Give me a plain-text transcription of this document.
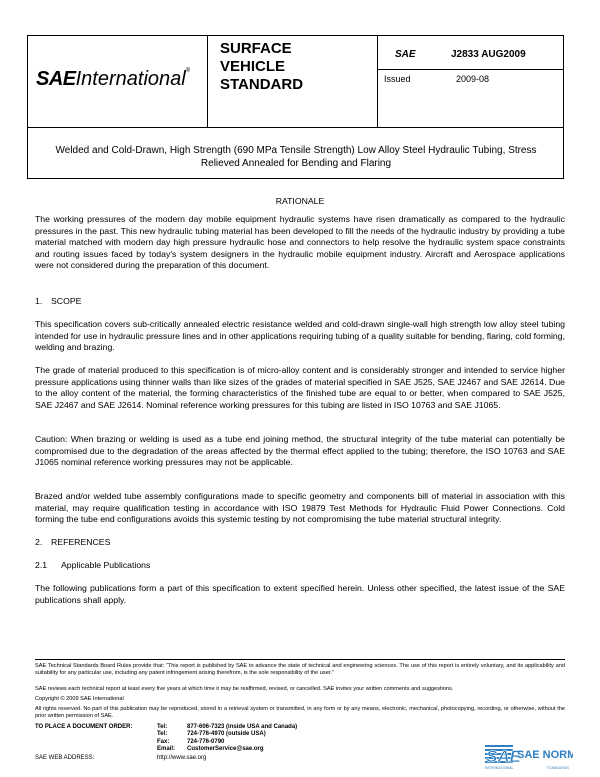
SAEInternational®
SURFACE
VEHICLE
STANDARD
SAE	J2833 AUG2009
Issued	2009-08
Welded and Cold-Drawn, High Strength (690 MPa Tensile Strength) Low Alloy Steel Hydraulic Tubing, Stress Relieved Annealed for Bending and Flaring
RATIONALE
The working pressures of the modern day mobile equipment hydraulic systems have risen dramatically as compared to the hydraulic pressures in the past. This new hydraulic tubing material has been developed to fill the needs of the hydraulic industry by providing a tube material matched with modern day high pressure hydraulic hose and connectors to help resolve the hydraulic system space constraints and routing issues faced by today's system designers in the hydraulic mobile equipment industry. Aircraft and Aerospace applications were not considered during the preparation of this document.
1. SCOPE
This specification covers sub-critically annealed electric resistance welded and cold-drawn single-wall high strength low alloy steel tubing intended for use in hydraulic pressure lines and in other applications requiring tubing of a quality suitable for bending, flaring, cold forming, welding and brazing.
The grade of material produced to this specification is of micro-alloy content and is considerably stronger and intended to service higher pressure applications using thinner walls than like sizes of the grades of material specified in SAE J525, SAE J2467 and SAE J2614. Due to the alloy content of the material, the forming characteristics of the finished tube are equal to or better, when compared to SAE J525, SAE J2467 and SAE J2614. Nominal reference working pressures for this tubing are listed in ISO 10763 and SAE J1065.
Caution: When brazing or welding is used as a tube end joining method, the structural integrity of the tube material can potentially be compromised due to the degradation of the areas affected by the thermal effect applied to the tubing; therefore, the ISO 10763 and SAE J1065 nominal reference working pressures may not be applicable.
Brazed and/or welded tube assembly configurations made to specific geometry and components bill of material in association with this material, may require qualification testing in accordance with ISO 19879 Test Methods for Hydraulic Fluid Power Connections. Cold forming the tube end configurations avoids this systemic testing by not compromising the tube material structural integrity.
2. REFERENCES
2.1 Applicable Publications
The following publications form a part of this specification to extent specified herein. Unless other specified, the latest issue of the SAE publications shall apply.
SAE Technical Standards Board Rules provide that: “This report is published by SAE to advance the state of technical and engineering sciences. The use of this report is entirely voluntary, and its applicability and suitability for any particular use, including any patent infringement arising therefrom, is the sole responsibility of the user.”
SAE reviews each technical report at least every five years at which time it may be reaffirmed, revised, or cancelled. SAE invites your written comments and suggestions.
Copyright © 2009 SAE International
All rights reserved. No part of this publication may be reproduced, stored in a retrieval system or transmitted, in any form or by any means, electronic, mechanical, photocopying, recording, or otherwise, without the prior written permission of SAE.
TO PLACE A DOCUMENT ORDER:	Tel:	877-606-7323 (inside USA and Canada)
Tel:	724-776-4970 (outside USA)
Fax:	724-776-0790
Email: CustomerService@sae.org
SAE WEB ADDRESS:	http://www.sae.org	SAE
SAE NORM
INTERNATIONAL	STANDARDS
